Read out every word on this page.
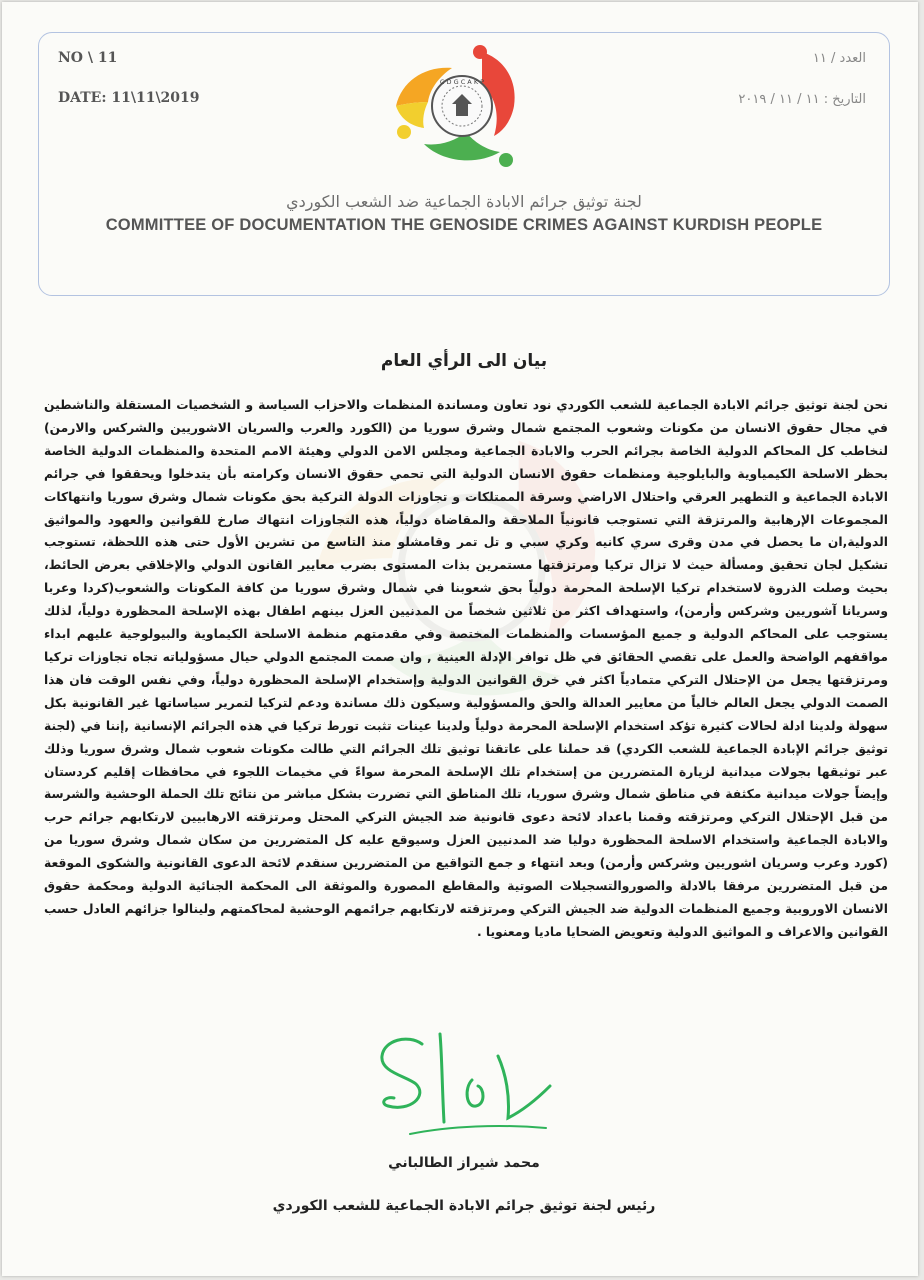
NO \ 11
DATE: 11\11\2019
العدد / ١١
التاريخ : ١١ / ١١ / ٢٠١٩
C D G C A K P
لجنة توثيق جرائم الابادة الجماعية ضد الشعب الكوردي
COMMITTEE OF DOCUMENTATION THE GENOSIDE CRIMES AGAINST KURDISH PEOPLE
بيان الى الرأي العام

نحن لجنة توثيق جرائم الابادة الجماعية للشعب الكوردي نود تعاون ومساندة المنظمات والاحزاب السياسة و الشخصيات المستقلة والناشطين في مجال حقوق الانسان من مكونات وشعوب المجتمع شمال وشرق سوريا من (الكورد والعرب والسريان الاشوريين والشركس والارمن) لنخاطب كل المحاكم الدولية الخاصة بجرائم الحرب والابادة الجماعية ومجلس الامن الدولي وهيئة الامم المتحدة والمنظمات الدولية الخاصة بحظر الاسلحة الكيمياوية والبايلوجية ومنظمات حقوق الانسان الدولية التي تحمي حقوق الانسان وكرامته بأن يتدخلوا ويحققوا في جرائم الابادة الجماعية و التطهير العرقي واحتلال الاراضي وسرقة الممتلكات و تجاوزات الدولة التركية بحق مكونات شمال وشرق سوريا وانتهاكات المجموعات الإرهابية والمرتزقة التي تستوجب قانونياً الملاحقة والمقاضاة دولياً، هذه التجاوزات انتهاك صارخ للقوانين والعهود والمواثيق الدولية,ان ما يحصل في مدن وقرى سري كانيه وكري سبي و تل تمر وقامشلو منذ التاسع من تشرين الأول حتى هذه اللحظة، تستوجب تشكيل لجان تحقيق ومسألة حيث لا تزال تركيا ومرتزقتها مستمرين بذات المستوى بضرب معايير القانون الدولي والإخلاقي بعرض الحائط، بحيث وصلت الذروة لاستخدام تركيا الإسلحة المحرمة دولياً بحق شعوبنا في شمال وشرق سوريا من كافة المكونات والشعوب(كردا وعربا وسريانا آشوريين وشركس وأرمن)، واستهداف اكثر من ثلاثين شخصاً من المدنيين العزل بينهم اطفال بهذه الإسلحة المحظورة دولياً، لذلك يستوجب على المحاكم الدولية و جميع المؤسسات والمنظمات المختصة وفي مقدمتهم منظمة الاسلحة الكيماوية والبيولوجية عليهم ابداء مواقفهم الواضحة والعمل على تقصي الحقائق في ظل توافر الإدلة العينية , وان صمت المجتمع الدولي حيال مسؤولياته تجاه تجاوزات تركيا ومرتزقتها يجعل من الإحتلال التركي متمادياً اكثر في خرق القوانين الدولية وإستخدام الإسلحة المحظورة دولياً، وفي نفس الوقت فان هذا الصمت الدولي يجعل العالم خالياً من معايير العدالة والحق والمسؤولية وسيكون ذلك مساندة ودعم لتركيا لتمرير سياساتها غير القانونية بكل سهولة ولدينا ادلة لحالات كثيرة تؤكد استخدام الإسلحة المحرمة دولياً ولدينا عينات تثبت تورط تركيا في هذه الجرائم الإنسانية ,إننا في (لجنة توثيق جرائم الإبادة الجماعية للشعب الكردي) قد حملنا على عاتقنا توثيق تلك الجرائم التي طالت مكونات شعوب شمال وشرق سوريا وذلك عبر توثيقها بجولات ميدانية لزيارة المتضررين من إستخدام تلك الإسلحة المحرمة سواءً في مخيمات اللجوء في محافظات إقليم كردستان وإيضاً جولات ميدانية مكثفة في مناطق شمال وشرق سوريا، تلك المناطق التي تضررت بشكل مباشر من نتائج تلك الحملة الوحشية والشرسة من قبل الإحتلال التركي ومرتزقته وقمنا باعداد لائحة دعوى قانونية ضد الجيش التركي المحتل ومرتزقته الارهابيين لارتكابهم جرائم حرب والابادة الجماعية واستخدام الاسلحة المحظورة دوليا ضد المدنيين العزل وسيوقع عليه كل المتضررين من سكان شمال وشرق سوريا من (كورد وعرب وسريان اشوريين وشركس وأرمن) وبعد انتهاء و جمع التواقيع من المتضررين سنقدم لائحة الدعوى القانونية والشكوى الموقعة من قبل المتضررين مرفقا بالادلة والصوروالتسجيلات الصوتية والمقاطع المصورة والموثقة الى المحكمة الجنائية الدولية ومحكمة حقوق الانسان الاوروبية وجميع المنظمات الدولية ضد الجيش التركي ومرتزقته لارتكابهم جرائمهم الوحشية لمحاكمتهم ولينالوا جزائهم العادل حسب القوانين والاعراف و المواثيق الدولية وتعويض الضحايا ماديا ومعنويا .

محمد شيراز الطالباني
رئيس لجنة توثيق جرائم الابادة الجماعية للشعب الكوردي
